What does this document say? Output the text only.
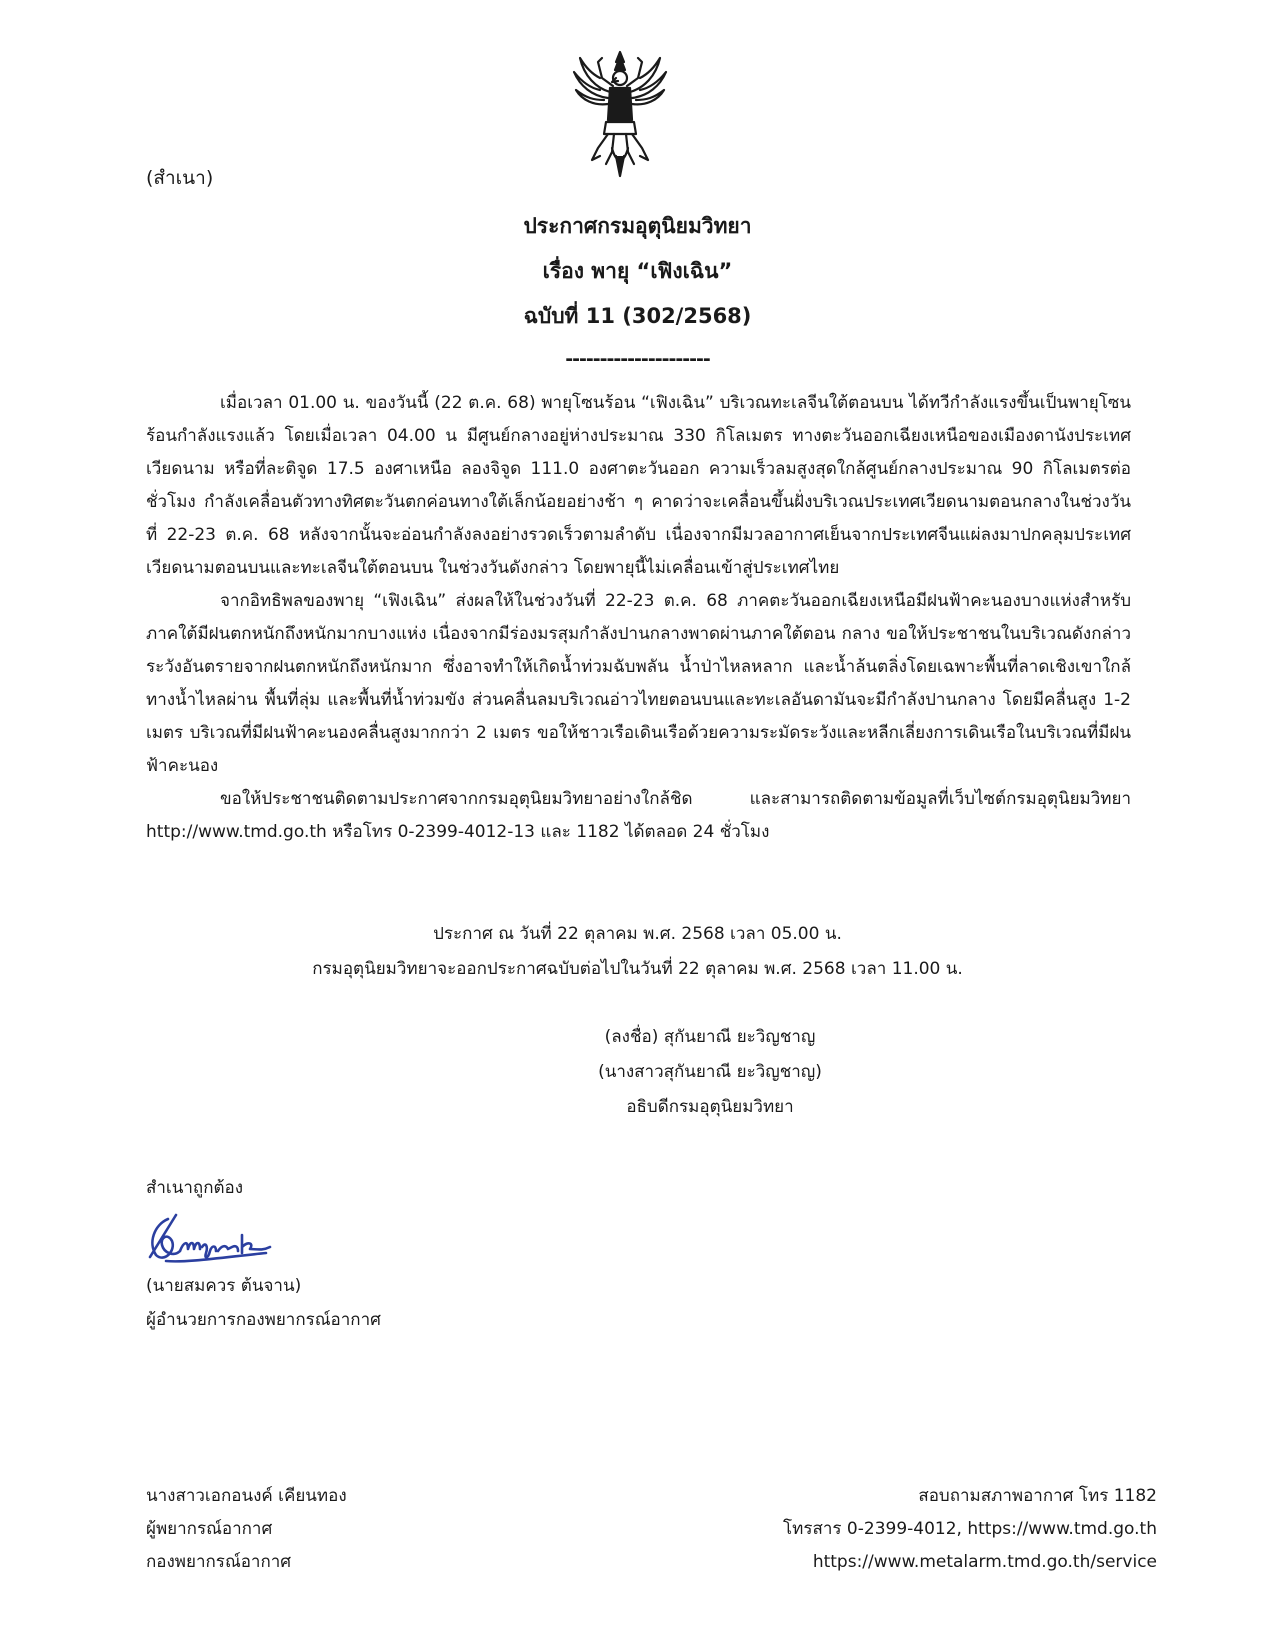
(สำเนา)
ประกาศกรมอุตุนิยมวิทยา
เรื่อง พายุ “เฟิงเฉิน”
ฉบับที่ 11 (302/2568)
---------------------

เมื่อเวลา 01.00 น. ของวันนี้ (22 ต.ค. 68) พายุโซนร้อน “เฟิงเฉิน” บริเวณทะเลจีนใต้ตอนบน ได้ทวีกำลังแรงขึ้นเป็นพายุโซนร้อนกำลังแรงแล้ว โดยเมื่อเวลา 04.00 น มีศูนย์กลางอยู่ห่างประมาณ 330 กิโลเมตร ทางตะวันออกเฉียงเหนือของเมืองดานังประเทศเวียดนาม หรือที่ละติจูด 17.5 องศาเหนือ ลองจิจูด 111.0 องศาตะวันออก ความเร็วลมสูงสุดใกล้ศูนย์กลางประมาณ 90 กิโลเมตรต่อชั่วโมง กำลังเคลื่อนตัวทางทิศตะวันตกค่อนทางใต้เล็กน้อยอย่างช้า ๆ คาดว่าจะเคลื่อนขึ้นฝั่งบริเวณประเทศเวียดนามตอนกลางในช่วงวันที่ 22-23 ต.ค. 68 หลังจากนั้นจะอ่อนกำลังลงอย่างรวดเร็วตามลำดับ เนื่องจากมีมวลอากาศเย็นจากประเทศจีนแผ่ลงมาปกคลุมประเทศเวียดนามตอนบนและทะเลจีนใต้ตอนบน ในช่วงวันดังกล่าว โดยพายุนี้ไม่เคลื่อนเข้าสู่ประเทศไทย

จากอิทธิพลของพายุ “เฟิงเฉิน” ส่งผลให้ในช่วงวันที่ 22-23 ต.ค. 68 ภาคตะวันออกเฉียงเหนือมีฝนฟ้าคะนองบางแห่งสำหรับภาคใต้มีฝนตกหนักถึงหนักมากบางแห่ง เนื่องจากมีร่องมรสุมกำลังปานกลางพาดผ่านภาคใต้ตอน กลาง ขอให้ประชาชนในบริเวณดังกล่าวระวังอันตรายจากฝนตกหนักถึงหนักมาก ซึ่งอาจทำให้เกิดน้ำท่วมฉับพลัน น้ำป่าไหลหลาก และน้ำล้นตลิ่งโดยเฉพาะพื้นที่ลาดเชิงเขาใกล้ทางน้ำไหลผ่าน พื้นที่ลุ่ม และพื้นที่น้ำท่วมขัง ส่วนคลื่นลมบริเวณอ่าวไทยตอนบนและทะเลอันดามันจะมีกำลังปานกลาง โดยมีคลื่นสูง 1-2 เมตร บริเวณที่มีฝนฟ้าคะนองคลื่นสูงมากกว่า 2 เมตร ขอให้ชาวเรือเดินเรือด้วยความระมัดระวังและหลีกเลี่ยงการเดินเรือในบริเวณที่มีฝนฟ้าคะนอง

ขอให้ประชาชนติดตามประกาศจากกรมอุตุนิยมวิทยาอย่างใกล้ชิด และสามารถติดตามข้อมูลที่เว็บไซต์กรมอุตุนิยมวิทยา http://www.tmd.go.th หรือโทร 0-2399-4012-13 และ 1182 ได้ตลอด 24 ชั่วโมง

ประกาศ ณ วันที่ 22 ตุลาคม พ.ศ. 2568 เวลา 05.00 น.
กรมอุตุนิยมวิทยาจะออกประกาศฉบับต่อไปในวันที่ 22 ตุลาคม พ.ศ. 2568 เวลา 11.00 น.
(ลงชื่อ) สุกันยาณี ยะวิญชาญ
(นางสาวสุกันยาณี ยะวิญชาญ)
อธิบดีกรมอุตุนิยมวิทยา
สำเนาถูกต้อง
(นายสมควร ต้นจาน)
ผู้อำนวยการกองพยากรณ์อากาศ
นางสาวเอกอนงค์ เคียนทอง
ผู้พยากรณ์อากาศ
กองพยากรณ์อากาศ
สอบถามสภาพอากาศ โทร 1182
โทรสาร 0-2399-4012, https://www.tmd.go.th
https://www.metalarm.tmd.go.th/service
